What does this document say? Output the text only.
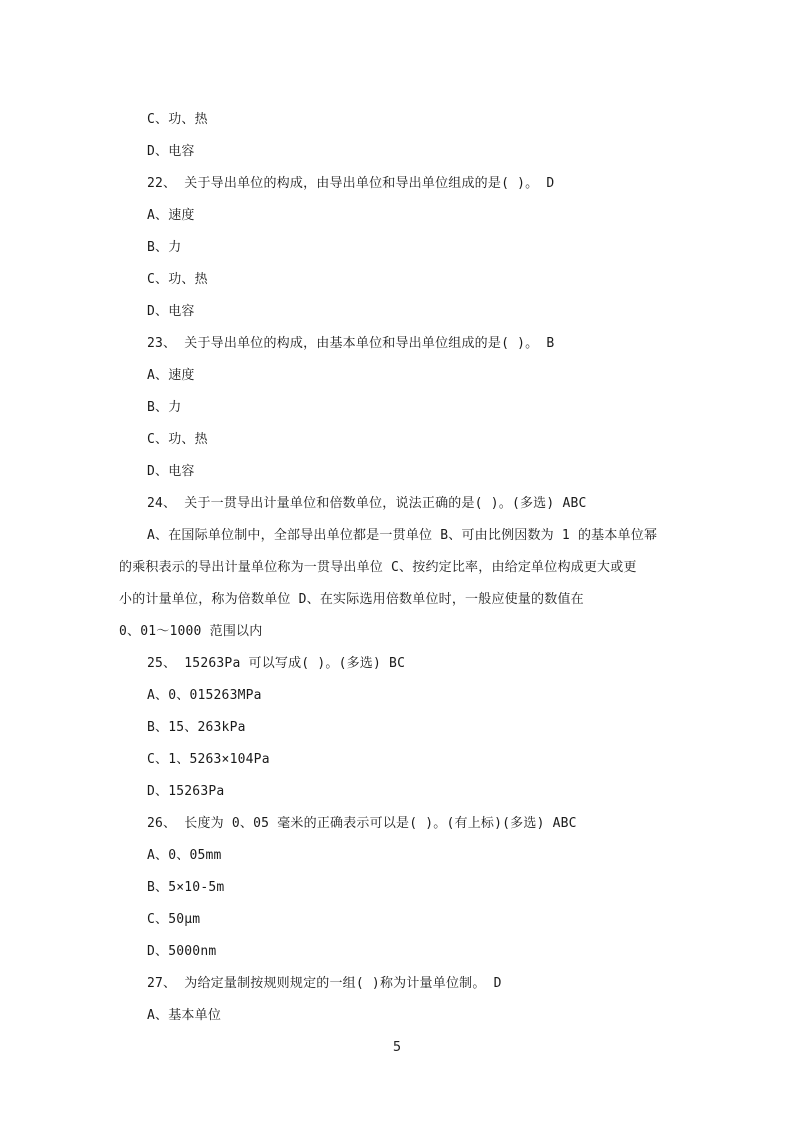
5
C、功、热
D、电容
22、 关于导出单位的构成，由导出单位和导出单位组成的是( )。 D
A、速度
B、力
C、功、热
D、电容
23、 关于导出单位的构成，由基本单位和导出单位组成的是( )。 B
A、速度
B、力
C、功、热
D、电容
24、 关于一贯导出计量单位和倍数单位，说法正确的是( )。(多选) ABC
A、在国际单位制中，全部导出单位都是一贯单位 B、可由比例因数为 1 的基本单位幂
的乘积表示的导出计量单位称为一贯导出单位 C、按约定比率，由给定单位构成更大或更
小的计量单位，称为倍数单位 D、在实际选用倍数单位时，一般应使量的数值在
0、01～1000 范围以内
25、 15263Pa 可以写成( )。(多选) BC
A、0、015263MPa
B、15、263kPa
C、1、5263×104Pa
D、15263Pa
26、 长度为 0、05 毫米的正确表示可以是( )。(有上标)(多选) ABC
A、0、05mm
B、5×10-5m
C、50μm
D、5000nm
27、 为给定量制按规则规定的一组( )称为计量单位制。 D
A、基本单位
